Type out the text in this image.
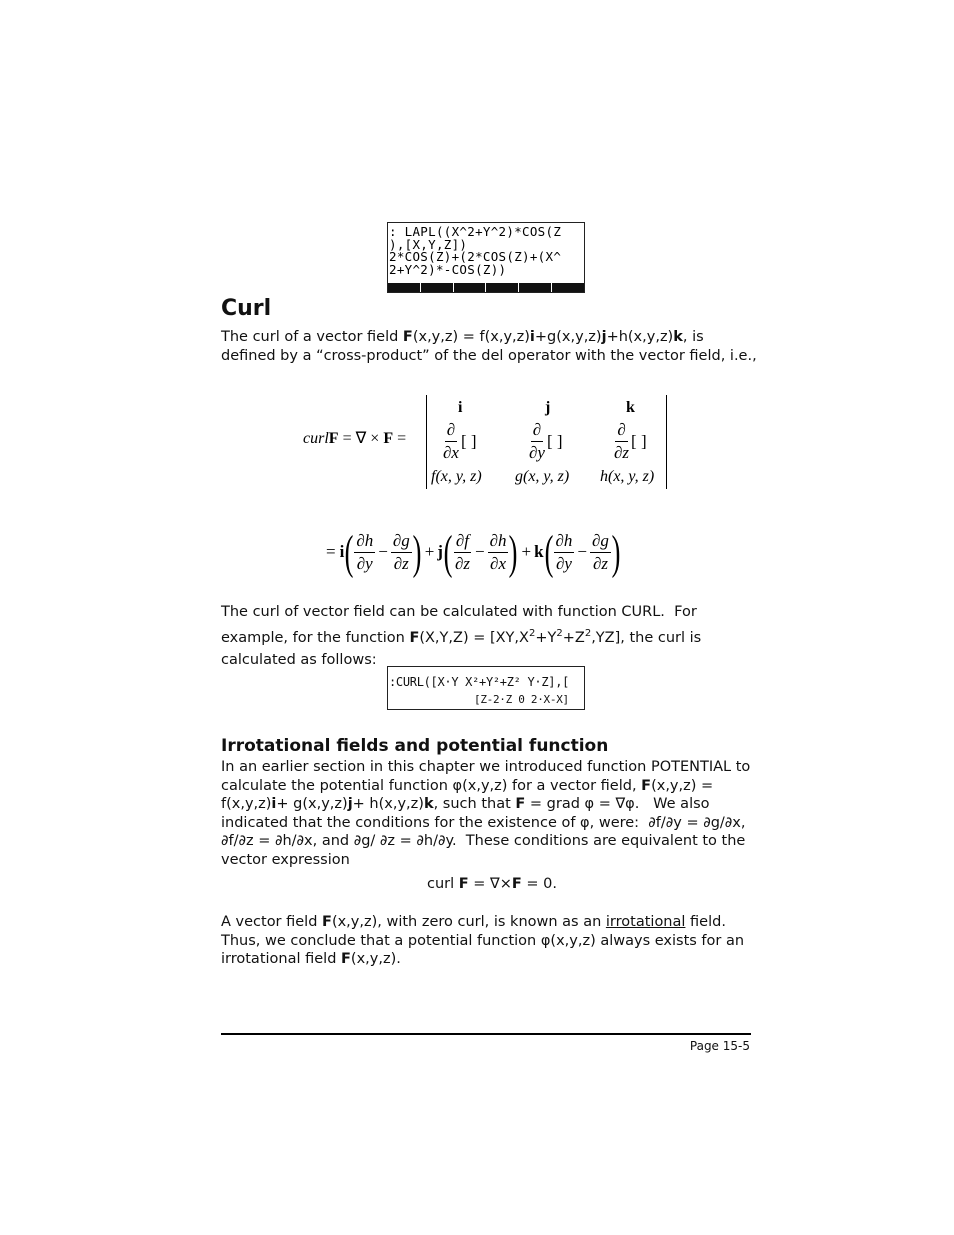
: LAPL((X^2+Y^2)*COS(Z
),[X,Y,Z])
2*COS(Z)+(2*COS(Z)+(X^
2+Y^2)*-COS(Z))
Curl
The curl of a vector field F(x,y,z) = f(x,y,z)i+g(x,y,z)j+h(x,y,z)k, is defined by a “cross-product” of the del operator with the vector field, i.e.,
curlF = ∇ × F =
i	j	k
$\frac{\partial}{\partial x}$ [ ]	$\frac{\partial}{\partial y}$ [ ]	$\frac{\partial}{\partial z}$ [ ]
f(x, y, z) g(x, y, z) h(x, y, z)
= i ( $\frac{\partial h}{\partial y} - \frac{\partial g}{\partial z}$ ) + j ( $\frac{\partial f}{\partial z} - \frac{\partial h}{\partial x}$ ) + k ( $\frac{\partial h}{\partial y} - \frac{\partial g}{\partial z}$ )
The curl of vector field can be calculated with function CURL.  For example, for the function $F(X,Y,Z) = [XY,X^2+Y^2+Z^2,YZ]$, the curl is calculated as follows:
:CURL([X·Y X²+Y²+Z² Y·Z],[
[Z-2·Z 0 2·X-X]
Irrotational fields and potential function
In an earlier section in this chapter we introduced function POTENTIAL to calculate the potential function φ(x,y,z) for a vector field, F(x,y,z) = f(x,y,z)i+ g(x,y,z)j+ h(x,y,z)k, such that F = grad φ = ∇φ.   We also indicated that the conditions for the existence of φ, were:  ∂f/∂y = ∂g/∂x, ∂f/∂z = ∂h/∂x, and ∂g/ ∂z = ∂h/∂y.  These conditions are equivalent to the vector expression
curl F = ∇×F = 0.
A vector field F(x,y,z), with zero curl, is known as an irrotational field.  Thus, we conclude that a potential function φ(x,y,z) always exists for an irrotational field F(x,y,z).
Page 15-5
